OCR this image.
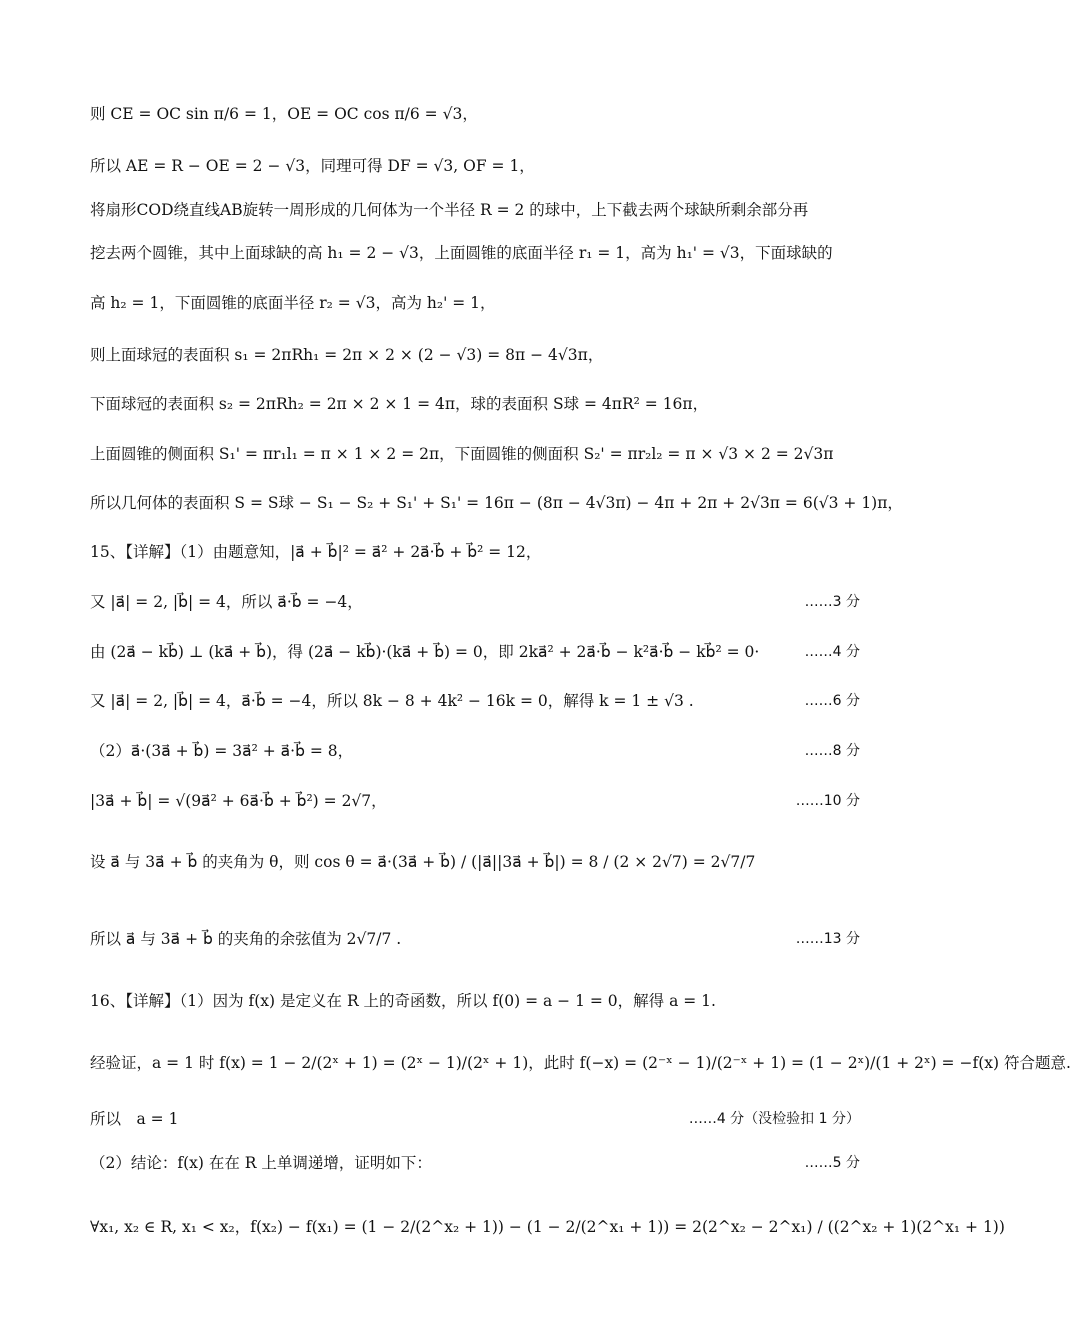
则 CE = OC sin π/6 = 1，OE = OC cos π/6 = √3，
所以 AE = R − OE = 2 − √3，同理可得 DF = √3, OF = 1，
将扇形COD绕直线AB旋转一周形成的几何体为一个半径 R = 2 的球中，上下截去两个球缺所剩余部分再
挖去两个圆锥，其中上面球缺的高 h₁ = 2 − √3，上面圆锥的底面半径 r₁ = 1，高为 h₁' = √3，下面球缺的
高 h₂ = 1，下面圆锥的底面半径 r₂ = √3，高为 h₂' = 1，
则上面球冠的表面积 s₁ = 2πRh₁ = 2π × 2 × (2 − √3) = 8π − 4√3π，
下面球冠的表面积 s₂ = 2πRh₂ = 2π × 2 × 1 = 4π，球的表面积 S球 = 4πR² = 16π，
上面圆锥的侧面积 S₁' = πr₁l₁ = π × 1 × 2 = 2π，下面圆锥的侧面积 S₂' = πr₂l₂ = π × √3 × 2 = 2√3π
所以几何体的表面积 S = S球 − S₁ − S₂ + S₁' + S₁' = 16π − (8π − 4√3π) − 4π + 2π + 2√3π = 6(√3 + 1)π，
15、【详解】（1）由题意知，|a⃗ + b⃗|² = a⃗² + 2a⃗·b⃗ + b⃗² = 12，
又 |a⃗| = 2, |b⃗| = 4，所以 a⃗·b⃗ = −4，	……3 分
由 (2a⃗ − kb⃗) ⊥ (ka⃗ + b⃗)，得 (2a⃗ − kb⃗)·(ka⃗ + b⃗) = 0，即 2ka⃗² + 2a⃗·b⃗ − k²a⃗·b⃗ − kb⃗² = 0·	……4 分
又 |a⃗| = 2, |b⃗| = 4，a⃗·b⃗ = −4，所以 8k − 8 + 4k² − 16k = 0，解得 k = 1 ± √3 .	……6 分
（2）a⃗·(3a⃗ + b⃗) = 3a⃗² + a⃗·b⃗ = 8，	……8 分
|3a⃗ + b⃗| = √(9a⃗² + 6a⃗·b⃗ + b⃗²) = 2√7，	……10 分
设 a⃗ 与 3a⃗ + b⃗ 的夹角为 θ，则 cos θ = a⃗·(3a⃗ + b⃗) / (|a⃗||3a⃗ + b⃗|) = 8 / (2 × 2√7) = 2√7/7
所以 a⃗ 与 3a⃗ + b⃗ 的夹角的余弦值为 2√7/7 .	……13 分
16、【详解】（1）因为 f(x) 是定义在 R 上的奇函数，所以 f(0) = a − 1 = 0，解得 a = 1.
经验证，a = 1 时 f(x) = 1 − 2/(2ˣ + 1) = (2ˣ − 1)/(2ˣ + 1)，此时 f(−x) = (2⁻ˣ − 1)/(2⁻ˣ + 1) = (1 − 2ˣ)/(1 + 2ˣ) = −f(x) 符合题意.
所以　a = 1	……4 分（没检验扣 1 分）
（2）结论：f(x) 在在 R 上单调递增，证明如下：	……5 分
∀x₁, x₂ ∈ R, x₁ < x₂，f(x₂) − f(x₁) = (1 − 2/(2^x₂ + 1)) − (1 − 2/(2^x₁ + 1)) = 2(2^x₂ − 2^x₁) / ((2^x₂ + 1)(2^x₁ + 1))
